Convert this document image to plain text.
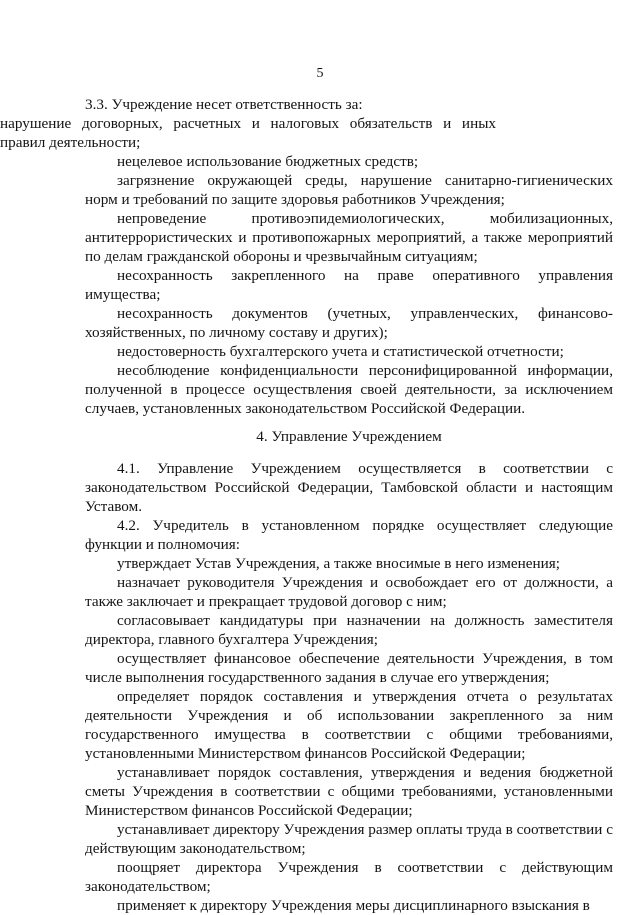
5
3.3. Учреждение несет ответственность за:
нарушение договорных, расчетных и налоговых обязательств и иных правил деятельности;
нецелевое использование бюджетных средств;
загрязнение окружающей среды, нарушение санитарно-гигиенических норм и требований по защите здоровья работников Учреждения;
непроведение противоэпидемиологических, мобилизационных, антитеррористических и противопожарных мероприятий, а также мероприятий по делам гражданской обороны и чрезвычайным ситуациям;
несохранность закрепленного на праве оперативного управления имущества;
несохранность документов (учетных, управленческих, финансово-хозяйственных, по личному составу и других);
недостоверность бухгалтерского учета и статистической отчетности;
несоблюдение конфиденциальности персонифицированной информации, полученной в процессе осуществления своей деятельности, за исключением случаев, установленных законодательством Российской Федерации.
4. Управление Учреждением
4.1. Управление Учреждением осуществляется в соответствии с законодательством Российской Федерации, Тамбовской области и настоящим Уставом.
4.2. Учредитель в установленном порядке осуществляет следующие функции и полномочия:
утверждает Устав Учреждения, а также вносимые в него изменения;
назначает руководителя Учреждения и освобождает его от должности, а также заключает и прекращает трудовой договор с ним;
согласовывает кандидатуры при назначении на должность заместителя директора, главного бухгалтера Учреждения;
осуществляет финансовое обеспечение деятельности Учреждения, в том числе выполнения государственного задания в случае его утверждения;
определяет порядок составления и утверждения отчета о результатах деятельности Учреждения и об использовании закрепленного за ним государственного имущества в соответствии с общими требованиями, установленными Министерством финансов Российской Федерации;
устанавливает порядок составления, утверждения и ведения бюджетной сметы Учреждения в соответствии с общими требованиями, установленными Министерством финансов Российской Федерации;
устанавливает директору Учреждения размер оплаты труда в соответствии с действующим законодательством;
поощряет директора Учреждения в соответствии с действующим законодательством;
применяет к директору Учреждения меры дисциплинарного взыскания в
